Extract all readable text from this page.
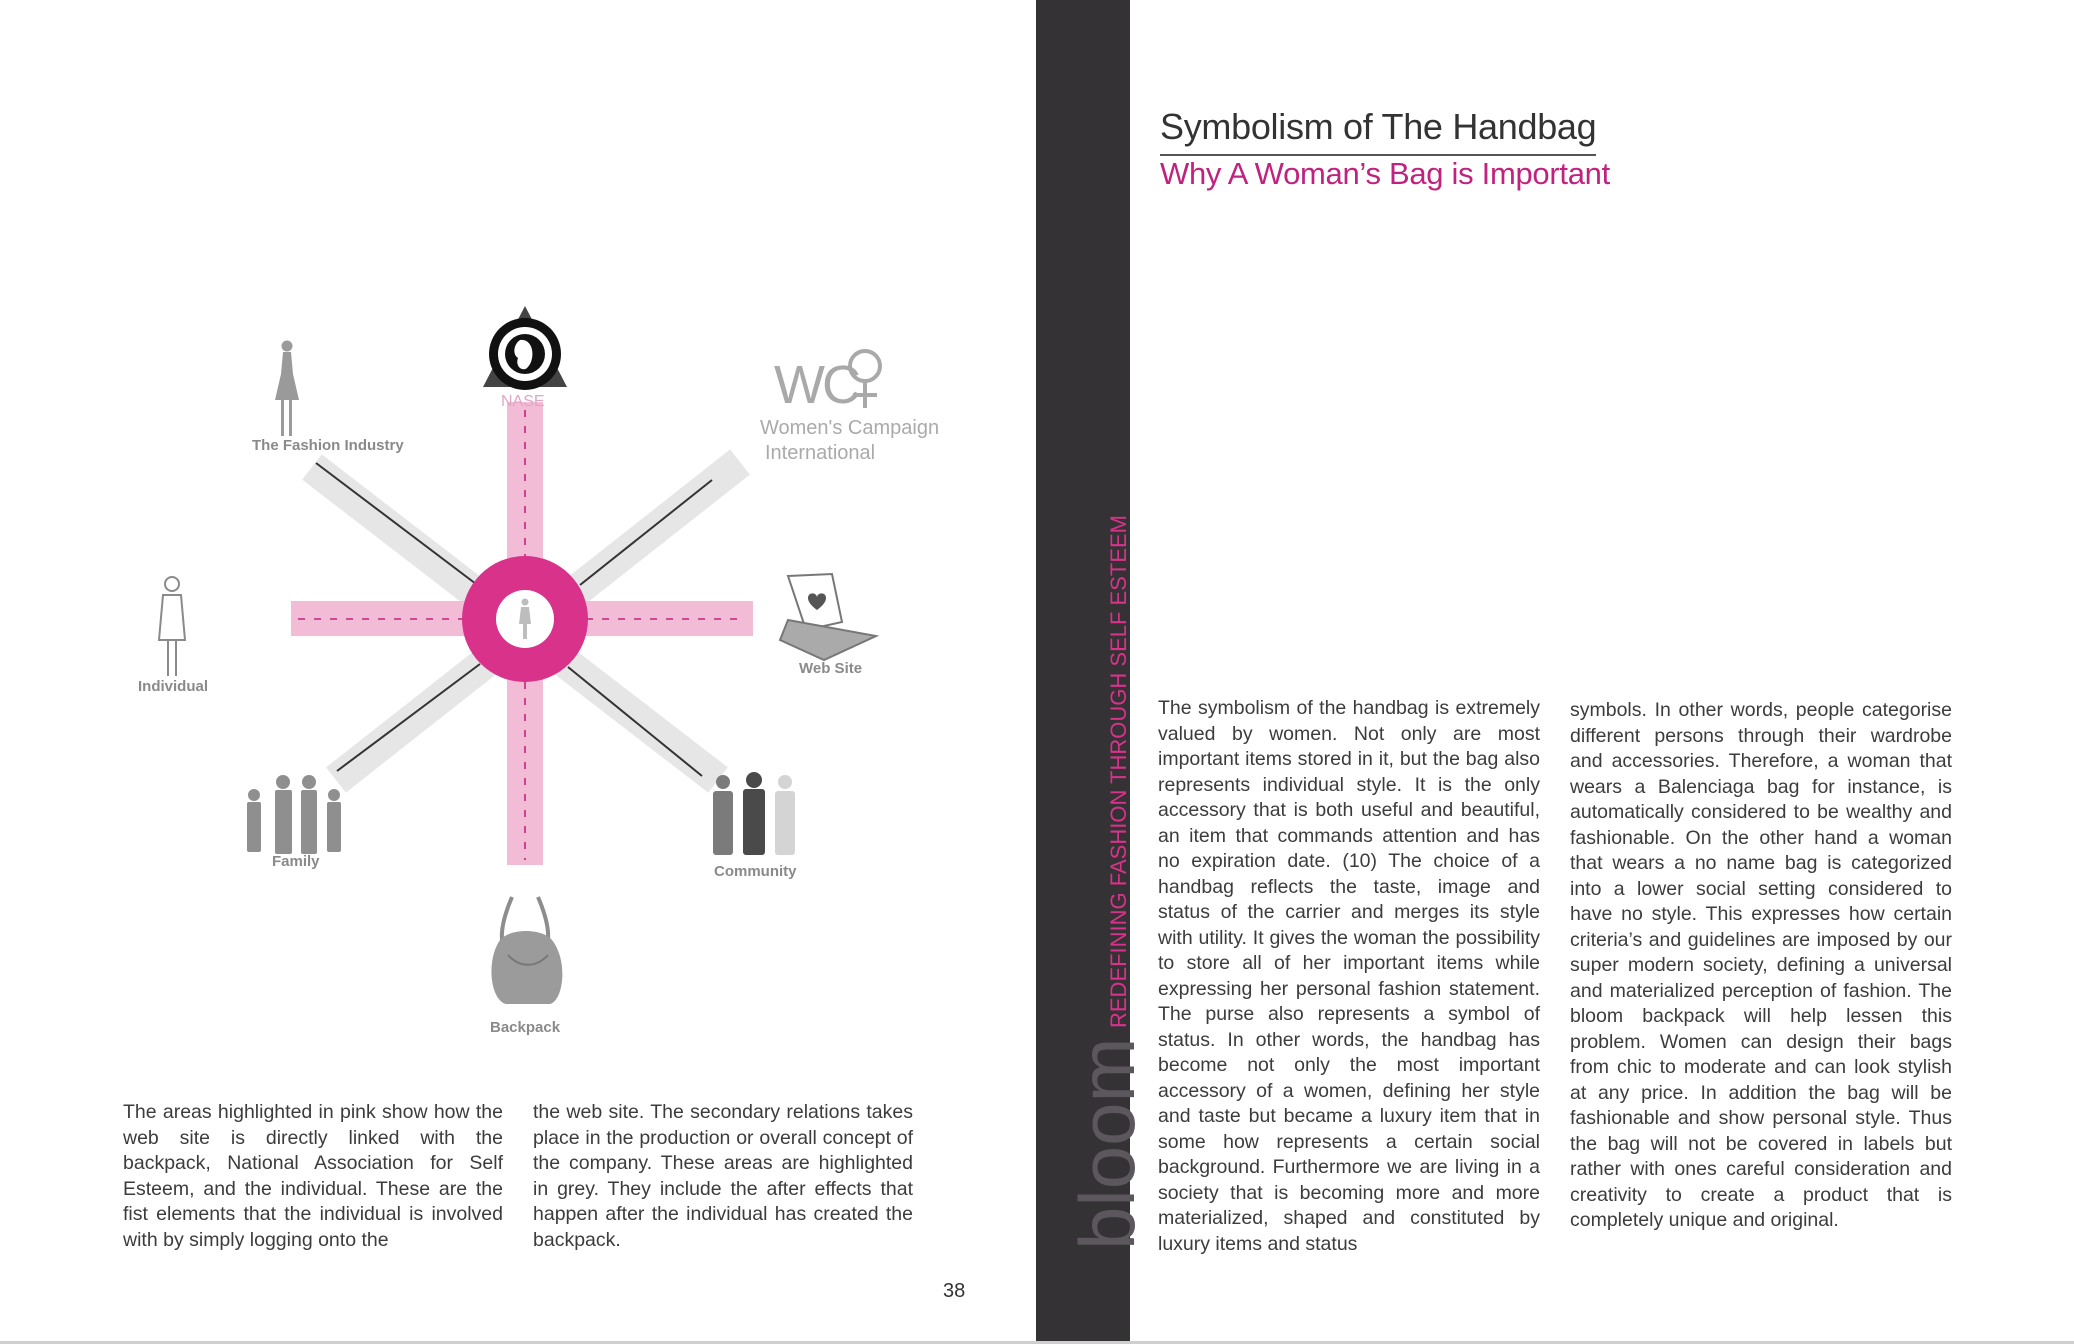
NASE
The Fashion Industry
WC
Women's Campaign
International
Individual
Web Site
Family
Community
Backpack
The areas highlighted in pink show how the web site is directly linked with the backpack, National Association for Self Esteem, and the individual. These are the fist elements that the individual is involved with by simply logging onto the
the web site. The secondary relations takes place in the production or overall concept of the company. These areas are highlighted in grey. They include the after effects that happen after the individual has created the backpack.
38
bloom
REDEFINING FASHION THROUGH SELF ESTEEM
Symbolism of The Handbag
Why A Woman’s Bag is Important
The symbolism of the handbag is extremely valued by women. Not only are most important items stored in it, but the bag also represents individual style. It is the only accessory that is both useful and beautiful, an item that commands attention and has no expiration date. (10) The choice of a handbag reflects the taste, image and status of the carrier and merges its style with utility. It gives the woman the possibility to store all of her important items while expressing her personal fashion statement. The purse also represents a symbol of status. In other words, the handbag has become not only the most important accessory of a women, defining her style and taste but became a luxury item that in some how represents a certain social background. Furthermore we are living in a society that is becoming more and more materialized, shaped and constituted by luxury items and status
symbols. In other words, people categorise different persons through their wardrobe and accessories. Therefore, a woman that wears a Balenciaga bag for instance, is automatically considered to be wealthy and fashionable. On the other hand a woman that wears a no name bag is categorized into a lower social setting considered to have no style. This expresses how certain criteria’s and guidelines are imposed by our super modern society, defining a universal and materialized perception of fashion. The bloom backpack will help lessen this problem. Women can design their bags from chic to moderate and can look stylish at any price. In addition the bag will be fashionable and show personal style. Thus the bag will not be covered in labels but rather with ones careful consideration and creativity to create a product that is completely unique and original.
